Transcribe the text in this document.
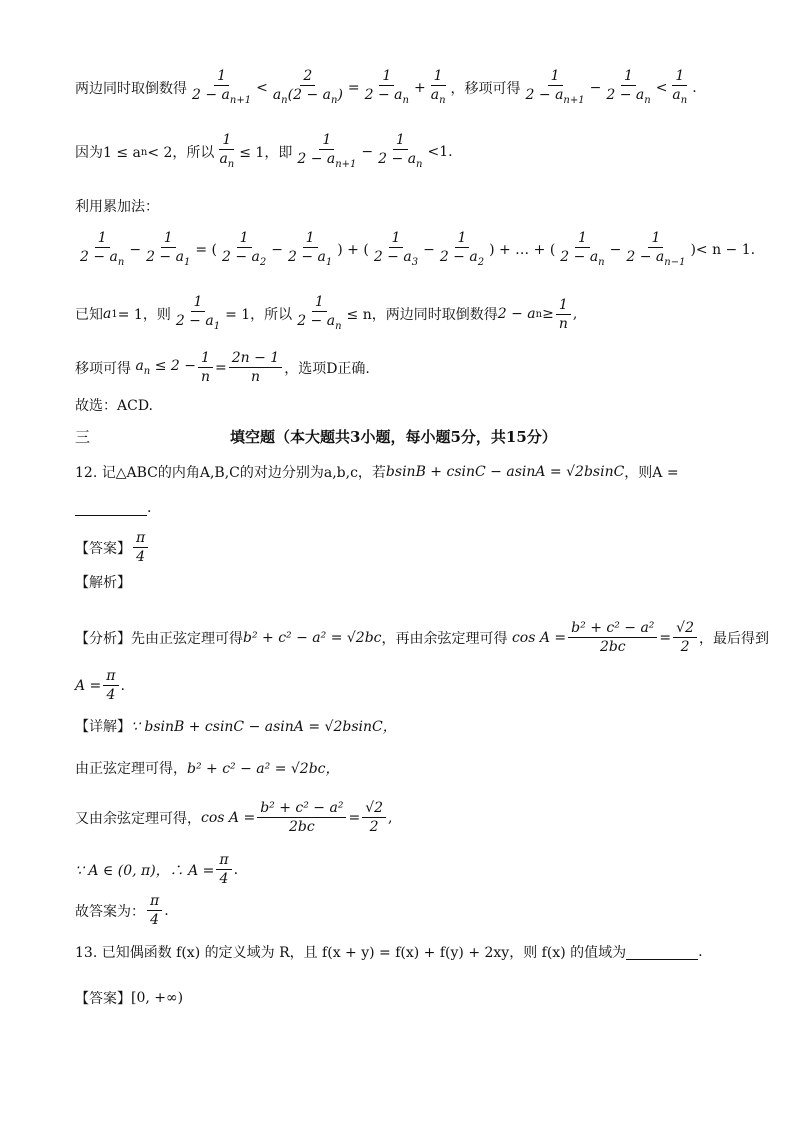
两边同时取倒数得 $\frac{1}{2 - a_{n+1}} < \frac{2}{a_n(2 - a_n)} = \frac{1}{2 - a_n} + \frac{1}{a_n}$ ，移项可得 $\frac{1}{2 - a_{n+1}} - \frac{1}{2 - a_n} < \frac{1}{a_n}$ .
因为1 ≤ a n < 2，所以 $\frac{1}{a_n} \le 1$，即 $\frac{1}{2 - a_{n+1}} - \frac{1}{2 - a_n} <1$.
利用累加法：
$\frac{1}{2 - a_n} - \frac{1}{2 - a_1}$ = ( $\frac{1}{2 - a_2} - \frac{1}{2 - a_1}$ ) + ( $\frac{1}{2 - a_3} - \frac{1}{2 - a_2}$ ) + … + ( $\frac{1}{2 - a_n} - \frac{1}{2 - a_{n-1}}$ ) < n − 1.
已知 a 1 = 1，则 $\frac{1}{2 - a_1} = 1$，所以 $\frac{1}{2 - a_n} \le n$，两边同时取倒数得 2 − a $n \ge \frac{1}{n}$ ,
移项可得 $a_n \le 2 - \frac{1}{n} = \frac{2n - 1}{n}$ ，选项D正确.
故选：ACD.
三	填空题（本大题共3小题，每小题5分，共15分）
12. 记△ABC的内角A,B,C的对边分别为a,b,c，若 bsinB + csinC − asinA = √2bsinC ，则A =
.
【答案】 $\frac{\pi}{4}$
【解析】
【分析】 先由正弦定理可得 b² + c² − a² = √2bc ，再由余弦定理可得 $\cos A = \frac{\text{b² + c² − a²}}{2bc} = \frac{√2}{2}$ ，最后得到
$A = \frac{\pi}{4}$ .
【详解】 ∵ bsinB + csinC − asinA = √2bsinC，
由正弦定理可得， b² + c² − a² = √2bc，
又由余弦定理可得， $\cos A = \frac{\text{b² + c² − a²}}{2bc} = \frac{√2}{2}$ ,
∵ A ∈ (0, π)，∴ $A = \frac{\pi}{4}$ .
故答案为： $\frac{\pi}{4}$ .
13. 已知偶函数 f(x) 的定义域为 R，且 f(x + y) = f(x) + f(y) + 2xy，则 f(x) 的值域为	.
【答案】 [0, +∞)
